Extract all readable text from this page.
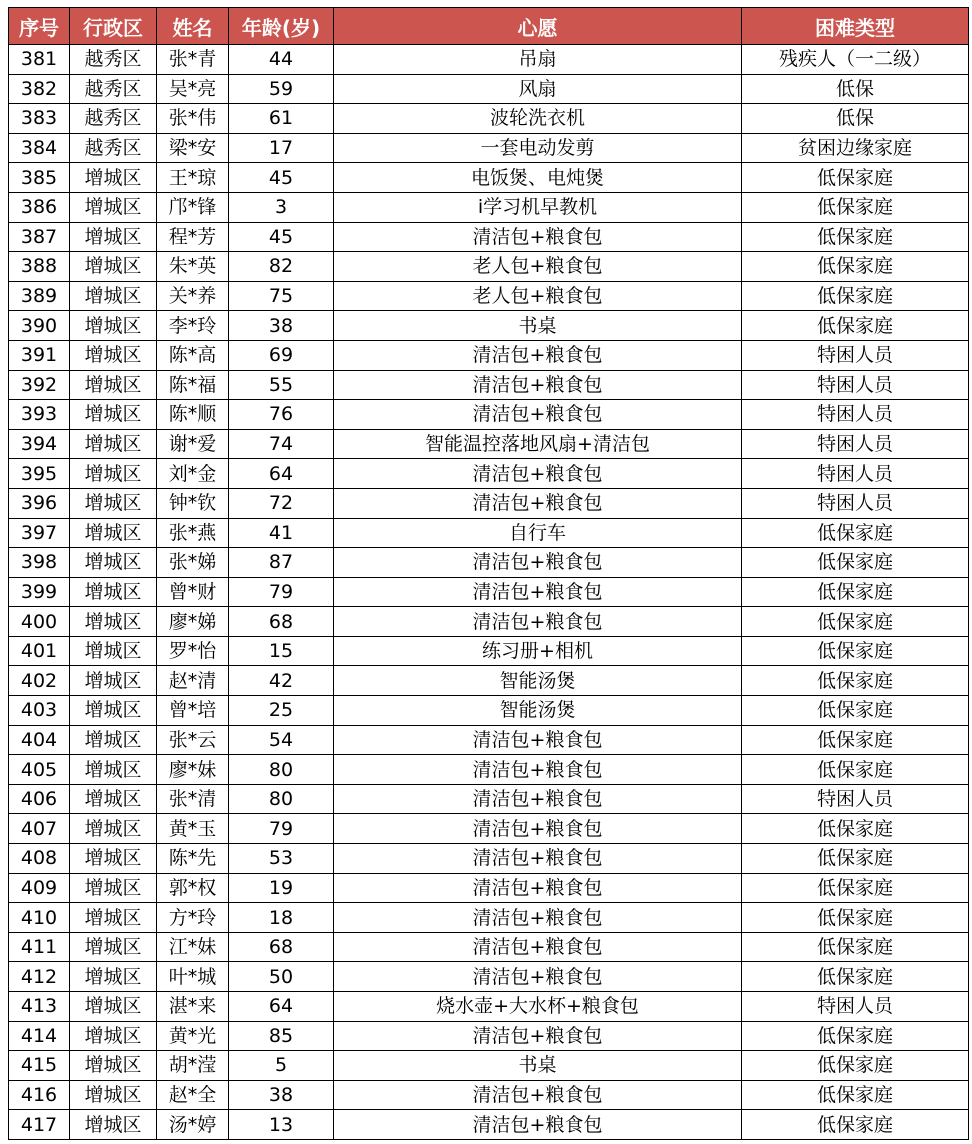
序号	行政区	姓名	年龄(岁)	心愿	困难类型
381	越秀区	张*青	44	吊扇	残疾人（一二级）
382	越秀区	吴*亮	59	风扇	低保
383	越秀区	张*伟	61	波轮洗衣机	低保
384	越秀区	梁*安	17	一套电动发剪	贫困边缘家庭
385	增城区	王*琼	45	电饭煲、电炖煲	低保家庭
386	增城区	邝*锋	3	i学习机早教机	低保家庭
387	增城区	程*芳	45	清洁包+粮食包	低保家庭
388	增城区	朱*英	82	老人包+粮食包	低保家庭
389	增城区	关*养	75	老人包+粮食包	低保家庭
390	增城区	李*玲	38	书桌	低保家庭
391	增城区	陈*高	69	清洁包+粮食包	特困人员
392	增城区	陈*福	55	清洁包+粮食包	特困人员
393	增城区	陈*顺	76	清洁包+粮食包	特困人员
394	增城区	谢*爱	74	智能温控落地风扇+清洁包	特困人员
395	增城区	刘*金	64	清洁包+粮食包	特困人员
396	增城区	钟*钦	72	清洁包+粮食包	特困人员
397	增城区	张*燕	41	自行车	低保家庭
398	增城区	张*娣	87	清洁包+粮食包	低保家庭
399	增城区	曾*财	79	清洁包+粮食包	低保家庭
400	增城区	廖*娣	68	清洁包+粮食包	低保家庭
401	增城区	罗*怡	15	练习册+相机	低保家庭
402	增城区	赵*清	42	智能汤煲	低保家庭
403	增城区	曾*培	25	智能汤煲	低保家庭
404	增城区	张*云	54	清洁包+粮食包	低保家庭
405	增城区	廖*妹	80	清洁包+粮食包	低保家庭
406	增城区	张*清	80	清洁包+粮食包	特困人员
407	增城区	黄*玉	79	清洁包+粮食包	低保家庭
408	增城区	陈*先	53	清洁包+粮食包	低保家庭
409	增城区	郭*权	19	清洁包+粮食包	低保家庭
410	增城区	方*玲	18	清洁包+粮食包	低保家庭
411	增城区	江*妹	68	清洁包+粮食包	低保家庭
412	增城区	叶*城	50	清洁包+粮食包	低保家庭
413	增城区	湛*来	64	烧水壶+大水杯+粮食包	特困人员
414	增城区	黄*光	85	清洁包+粮食包	低保家庭
415	增城区	胡*滢	5	书桌	低保家庭
416	增城区	赵*全	38	清洁包+粮食包	低保家庭
417	增城区	汤*婷	13	清洁包+粮食包	低保家庭
